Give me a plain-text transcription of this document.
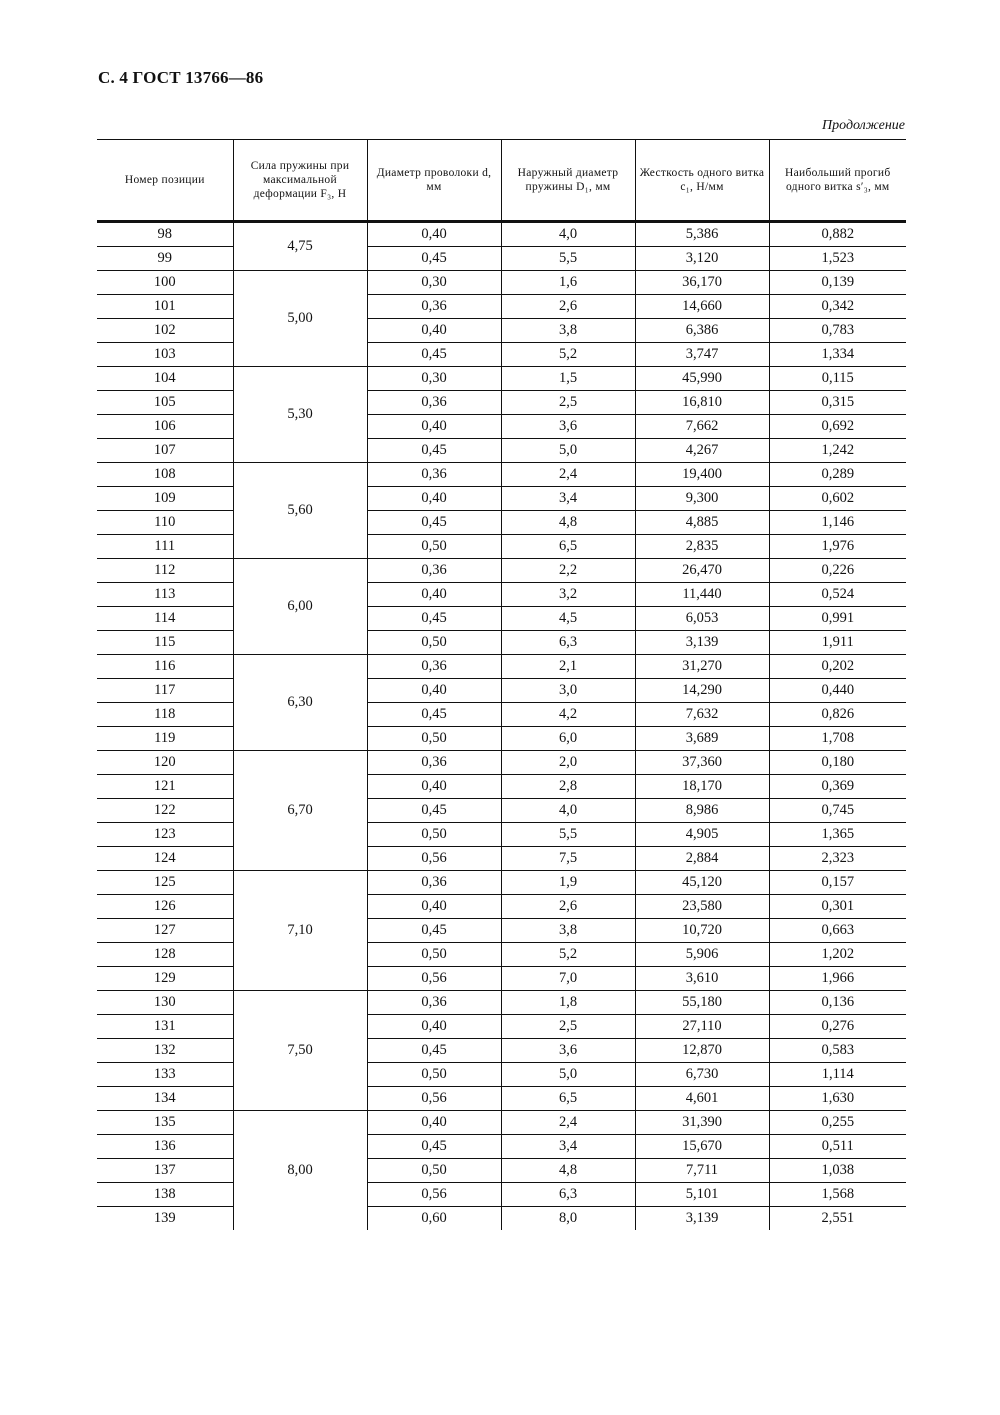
С. 4 ГОСТ 13766—86
Продолжение
Номер позиции	Сила пружины при максимальной деформации F₃, Н	Диаметр проволоки d, мм	Наружный диаметр пружины D₁, мм	Жесткость одного витка c₁, Н/мм	Наибольший прогиб одного витка s′₃, мм
98	4,75	0,40	4,0	5,386	0,882
99		0,45	5,5	3,120	1,523
100	5,00	0,30	1,6	36,170	0,139
101		0,36	2,6	14,660	0,342
102		0,40	3,8	6,386	0,783
103		0,45	5,2	3,747	1,334
104	5,30	0,30	1,5	45,990	0,115
105		0,36	2,5	16,810	0,315
106		0,40	3,6	7,662	0,692
107		0,45	5,0	4,267	1,242
108	5,60	0,36	2,4	19,400	0,289
109		0,40	3,4	9,300	0,602
110		0,45	4,8	4,885	1,146
111		0,50	6,5	2,835	1,976
112	6,00	0,36	2,2	26,470	0,226
113		0,40	3,2	11,440	0,524
114		0,45	4,5	6,053	0,991
115		0,50	6,3	3,139	1,911
116	6,30	0,36	2,1	31,270	0,202
117		0,40	3,0	14,290	0,440
118		0,45	4,2	7,632	0,826
119		0,50	6,0	3,689	1,708
120	6,70	0,36	2,0	37,360	0,180
121		0,40	2,8	18,170	0,369
122		0,45	4,0	8,986	0,745
123		0,50	5,5	4,905	1,365
124		0,56	7,5	2,884	2,323
125	7,10	0,36	1,9	45,120	0,157
126		0,40	2,6	23,580	0,301
127		0,45	3,8	10,720	0,663
128		0,50	5,2	5,906	1,202
129		0,56	7,0	3,610	1,966
130	7,50	0,36	1,8	55,180	0,136
131		0,40	2,5	27,110	0,276
132		0,45	3,6	12,870	0,583
133		0,50	5,0	6,730	1,114
134		0,56	6,5	4,601	1,630
135	8,00	0,40	2,4	31,390	0,255
136		0,45	3,4	15,670	0,511
137		0,50	4,8	7,711	1,038
138		0,56	6,3	5,101	1,568
139		0,60	8,0	3,139	2,551
